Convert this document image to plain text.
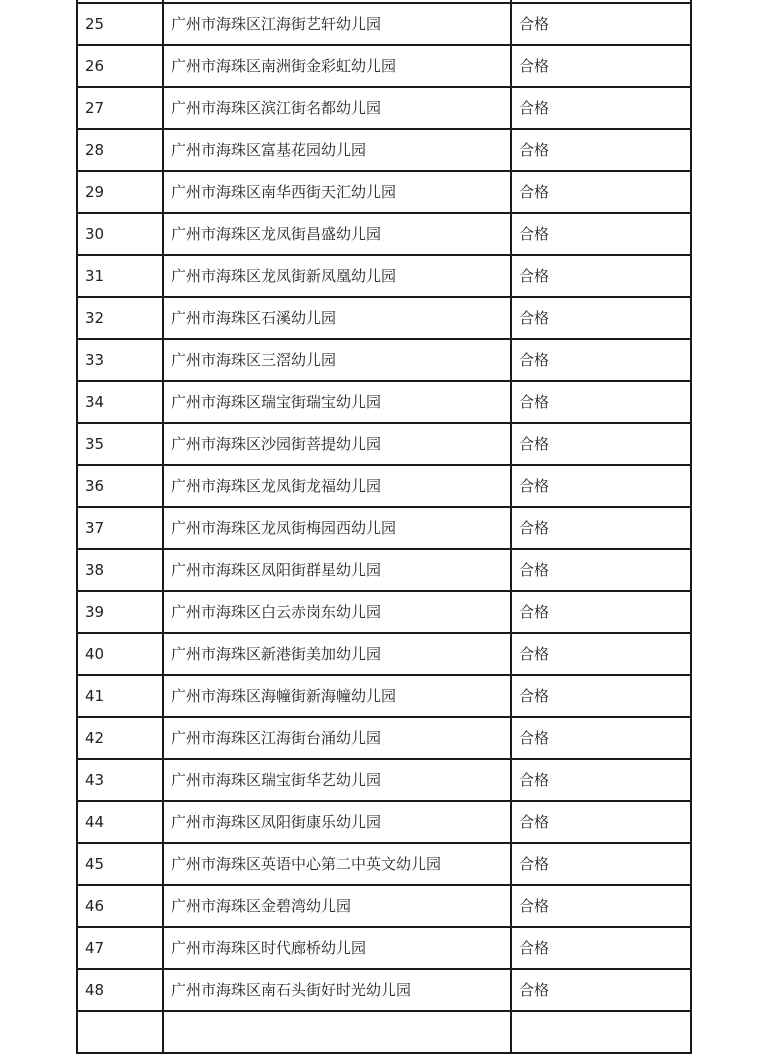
25	广州市海珠区江海街艺轩幼儿园	合格
26	广州市海珠区南洲街金彩虹幼儿园	合格
27	广州市海珠区滨江街名都幼儿园	合格
28	广州市海珠区富基花园幼儿园	合格
29	广州市海珠区南华西街天汇幼儿园	合格
30	广州市海珠区龙凤街昌盛幼儿园	合格
31	广州市海珠区龙凤街新凤凰幼儿园	合格
32	广州市海珠区石溪幼儿园	合格
33	广州市海珠区三滘幼儿园	合格
34	广州市海珠区瑞宝街瑞宝幼儿园	合格
35	广州市海珠区沙园街菩提幼儿园	合格
36	广州市海珠区龙凤街龙福幼儿园	合格
37	广州市海珠区龙凤街梅园西幼儿园	合格
38	广州市海珠区凤阳街群星幼儿园	合格
39	广州市海珠区白云赤岗东幼儿园	合格
40	广州市海珠区新港街美加幼儿园	合格
41	广州市海珠区海幢街新海幢幼儿园	合格
42	广州市海珠区江海街台涌幼儿园	合格
43	广州市海珠区瑞宝街华艺幼儿园	合格
44	广州市海珠区凤阳街康乐幼儿园	合格
45	广州市海珠区英语中心第二中英文幼儿园	合格
46	广州市海珠区金碧湾幼儿园	合格
47	广州市海珠区时代廊桥幼儿园	合格
48	广州市海珠区南石头街好时光幼儿园	合格
